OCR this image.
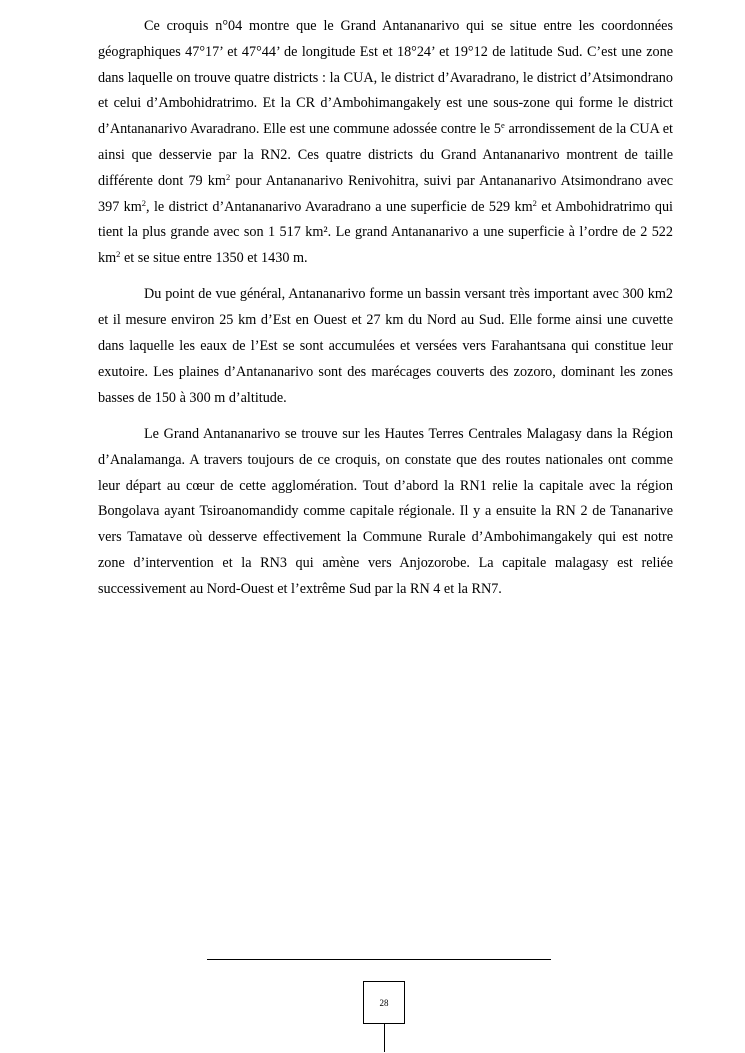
Ce croquis n°04 montre que le Grand Antananarivo qui se situe entre les coordonnées géographiques 47°17’ et 47°44’ de longitude Est et 18°24’ et 19°12 de latitude Sud. C’est une zone dans laquelle on trouve quatre districts : la CUA, le district d’Avaradrano, le district d’Atsimondrano et celui d’Ambohidratrimo. Et la CR d’Ambohimangakely est une sous-zone qui forme le district d’Antananarivo Avaradrano. Elle est une commune adossée contre le 5e arrondissement de la CUA et ainsi que desservie par la RN2. Ces quatre districts du Grand Antananarivo montrent de taille différente dont 79 $km^2$ pour Antananarivo Renivohitra, suivi par Antananarivo Atsimondrano avec 397 $km^2$, le district d’Antananarivo Avaradrano a une superficie de 529 $km^2$ et Ambohidratrimo qui tient la plus grande avec son 1 517 km². Le grand Antananarivo a une superficie à l’ordre de 2 522 $km^2$ et se situe entre 1350 et 1430 m.

Du point de vue général, Antananarivo forme un bassin versant très important avec 300 km2 et il mesure environ 25 km d’Est en Ouest et 27 km du Nord au Sud. Elle forme ainsi une cuvette dans laquelle les eaux de l’Est se sont accumulées et versées vers Farahantsana qui constitue leur exutoire. Les plaines d’Antananarivo sont des marécages couverts des zozoro, dominant les zones basses de 150 à 300 m d’altitude.

Le Grand Antananarivo se trouve sur les Hautes Terres Centrales Malagasy dans la Région d’Analamanga. A travers toujours de ce croquis, on constate que des routes nationales ont comme leur départ au cœur de cette agglomération. Tout d’abord la RN1 relie la capitale avec la région Bongolava ayant Tsiroanomandidy comme capitale régionale. Il y a ensuite la RN 2 de Tananarive vers Tamatave où desserve effectivement la Commune Rurale d’Ambohimangakely qui est notre zone d’intervention et la RN3 qui amène vers Anjozorobe. La capitale malagasy est reliée successivement au Nord-Ouest et l’extrême Sud par la RN 4 et la RN7.

28
